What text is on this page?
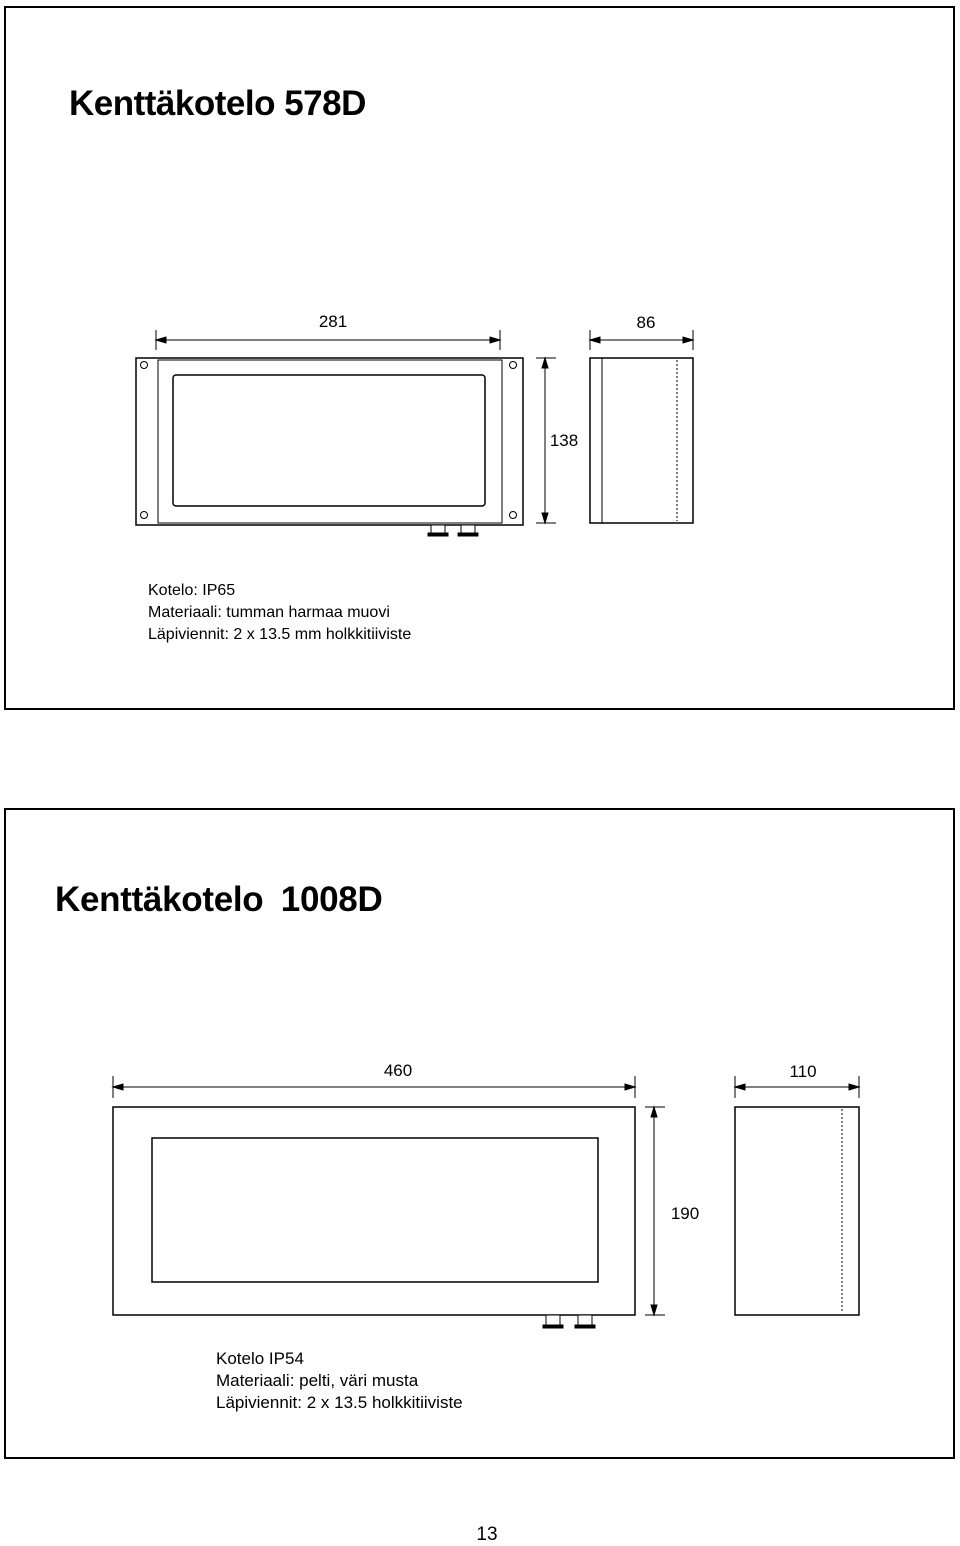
Kenttäkotelo 578D
281	86
138
Kotelo: IP65
Materiaali: tumman harmaa muovi
Läpiviennit: 2 x 13.5 mm holkkitiiviste
Kenttäkotelo 1008D
460	110
190
Kotelo IP54
Materiaali: pelti, väri musta
Läpiviennit: 2 x 13.5 holkkitiiviste
13
